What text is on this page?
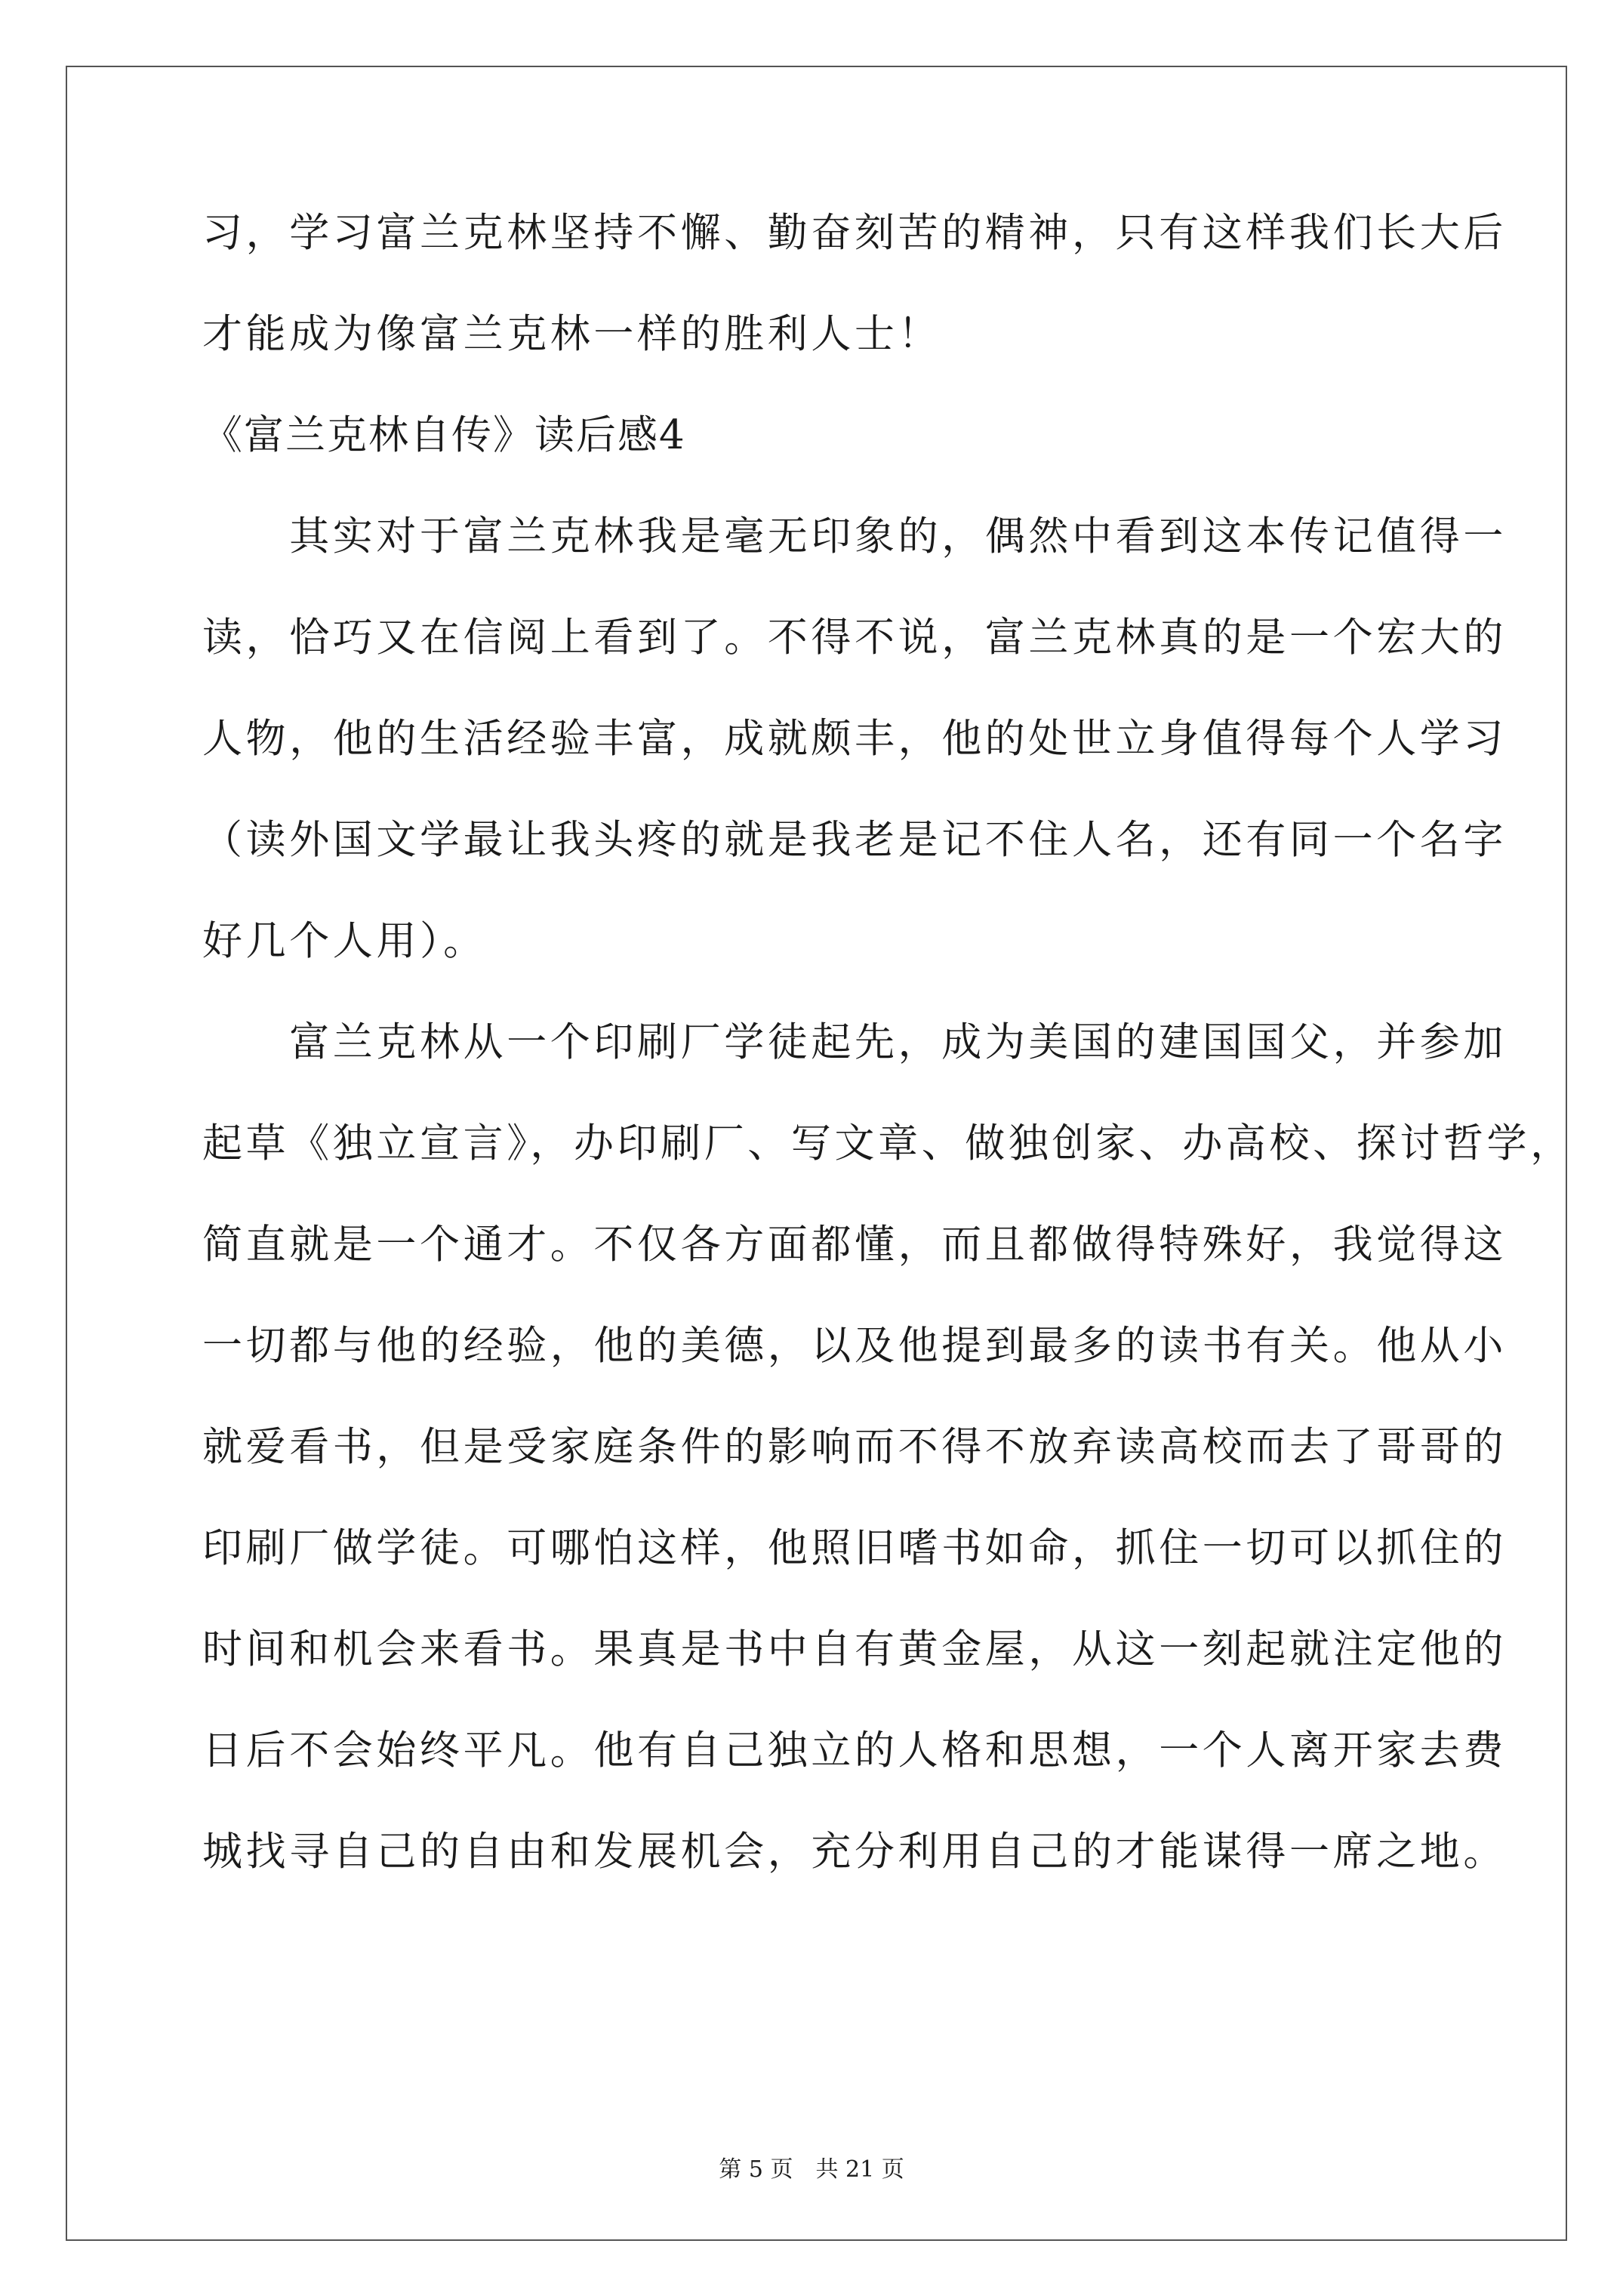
习，学习富兰克林坚持不懈、勤奋刻苦的精神，只有这样我们长大后
才能成为像富兰克林一样的胜利人士！
《富兰克林自传》读后感4
　　其实对于富兰克林我是毫无印象的，偶然中看到这本传记值得一
读，恰巧又在信阅上看到了。不得不说，富兰克林真的是一个宏大的
人物，他的生活经验丰富，成就颇丰，他的处世立身值得每个人学习
（读外国文学最让我头疼的就是我老是记不住人名，还有同一个名字
好几个人用）。
　　富兰克林从一个印刷厂学徒起先，成为美国的建国国父，并参加
起草《独立宣言》，办印刷厂、写文章、做独创家、办高校、探讨哲学，
简直就是一个通才。不仅各方面都懂，而且都做得特殊好，我觉得这
一切都与他的经验，他的美德，以及他提到最多的读书有关。他从小
就爱看书，但是受家庭条件的影响而不得不放弃读高校而去了哥哥的
印刷厂做学徒。可哪怕这样，他照旧嗜书如命，抓住一切可以抓住的
时间和机会来看书。果真是书中自有黄金屋，从这一刻起就注定他的
日后不会始终平凡。他有自己独立的人格和思想，一个人离开家去费
城找寻自己的自由和发展机会，充分利用自己的才能谋得一席之地。
第 5 页　共 21 页
